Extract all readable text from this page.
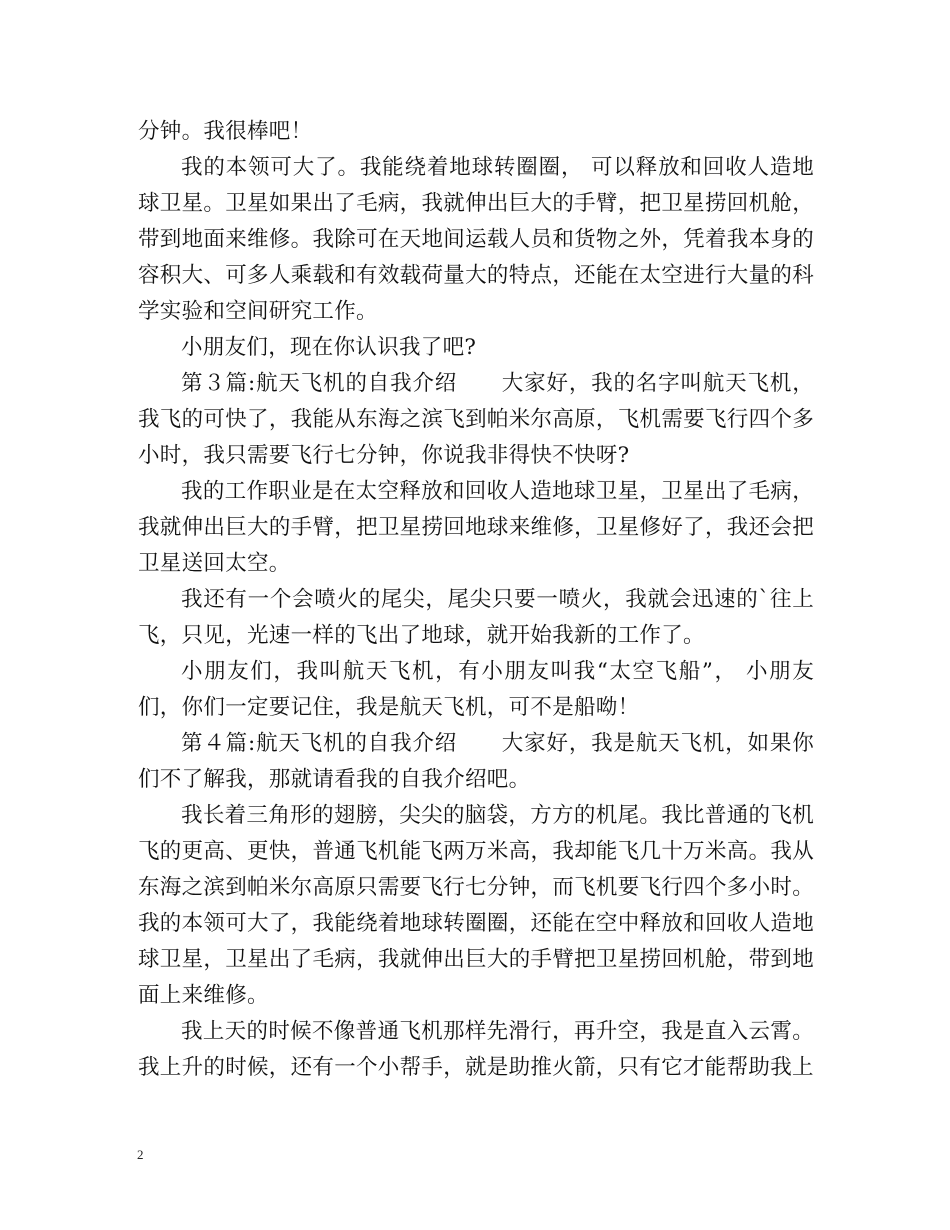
分钟。我很棒吧！

我的本领可大了。我能绕着地球转圈圈， 可以释放和回收人造地球卫星。卫星如果出了毛病，我就伸出巨大的手臂，把卫星捞回机舱，带到地面来维修。我除可在天地间运载人员和货物之外，凭着我本身的容积大、可多人乘载和有效载荷量大的特点，还能在太空进行大量的科学实验和空间研究工作。

小朋友们，现在你认识我了吧?

第３篇:航天飞机的自我介绍　　大家好，我的名字叫航天飞机，我飞的可快了，我能从东海之滨飞到帕米尔高原，飞机需要飞行四个多小时，我只需要飞行七分钟，你说我非得快不快呀?

我的工作职业是在太空释放和回收人造地球卫星，卫星出了毛病，我就伸出巨大的手臂，把卫星捞回地球来维修，卫星修好了，我还会把卫星送回太空。

我还有一个会喷火的尾尖，尾尖只要一喷火，我就会迅速的`往上飞，只见，光速一样的飞出了地球，就开始我新的工作了。

小朋友们，我叫航天飞机，有小朋友叫我“太空飞船”， 小朋友们，你们一定要记住，我是航天飞机，可不是船呦！

第４篇:航天飞机的自我介绍　　大家好，我是航天飞机，如果你们不了解我，那就请看我的自我介绍吧。

我长着三角形的翅膀，尖尖的脑袋，方方的机尾。我比普通的飞机飞的更高、更快，普通飞机能飞两万米高，我却能飞几十万米高。我从东海之滨到帕米尔高原只需要飞行七分钟，而飞机要飞行四个多小时。我的本领可大了，我能绕着地球转圈圈，还能在空中释放和回收人造地球卫星，卫星出了毛病，我就伸出巨大的手臂把卫星捞回机舱，带到地面上来维修。

我上天的时候不像普通飞机那样先滑行，再升空，我是直入云霄。我上升的时候，还有一个小帮手，就是助推火箭，只有它才能帮助我上

2
